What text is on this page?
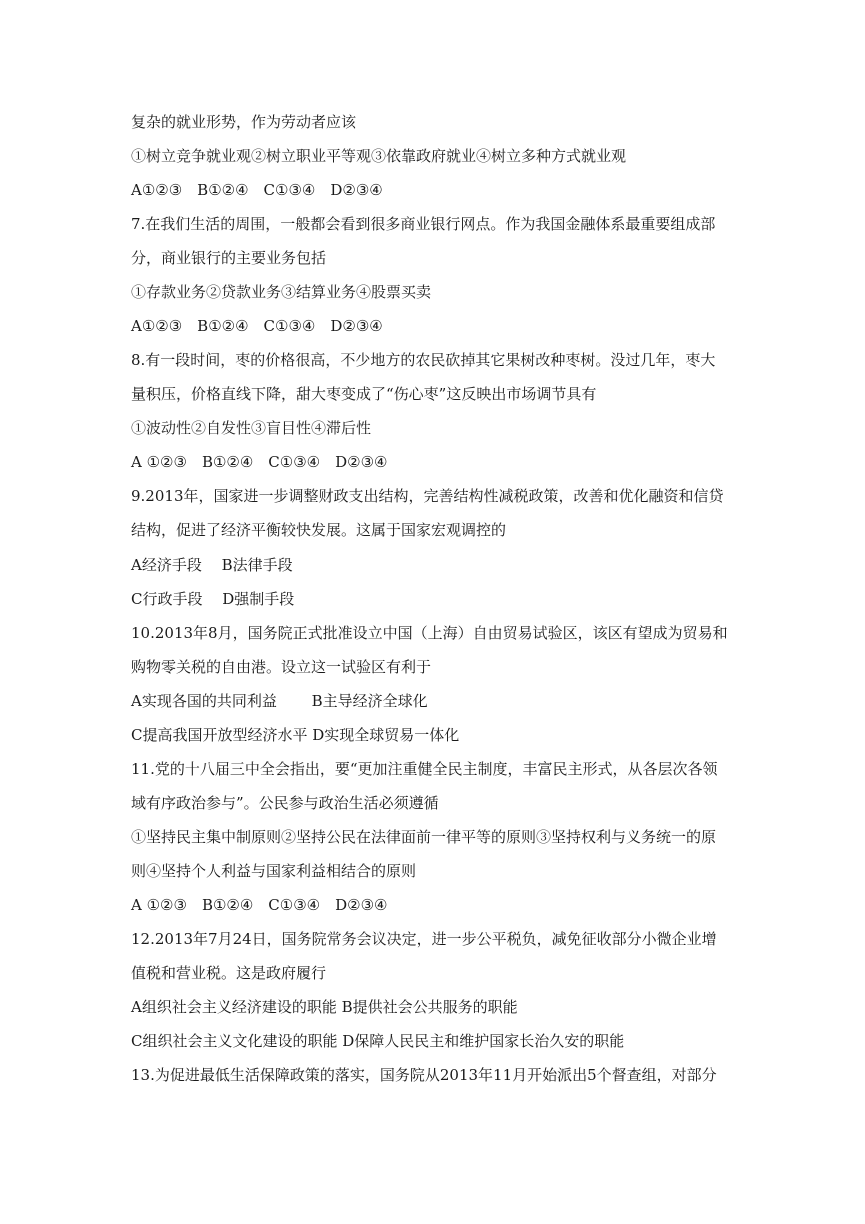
复杂的就业形势，作为劳动者应该
①树立竞争就业观②树立职业平等观③依靠政府就业④树立多种方式就业观
A①②③　B①②④　C①③④　D②③④
7.在我们生活的周围，一般都会看到很多商业银行网点。作为我国金融体系最重要组成部
分，商业银行的主要业务包括
①存款业务②贷款业务③结算业务④股票买卖
A①②③　B①②④　C①③④　D②③④
8.有一段时间，枣的价格很高，不少地方的农民砍掉其它果树改种枣树。没过几年，枣大
量积压，价格直线下降，甜大枣变成了“伤心枣”这反映出市场调节具有
①波动性②自发性③盲目性④滞后性
A ①②③　B①②④　C①③④　D②③④
9.2013年，国家进一步调整财政支出结构，完善结构性减税政策，改善和优化融资和信贷
结构，促进了经济平衡较快发展。这属于国家宏观调控的
A经济手段　 B法律手段
C行政手段　 D强制手段
10.2013年8月，国务院正式批准设立中国（上海）自由贸易试验区，该区有望成为贸易和
购物零关税的自由港。设立这一试验区有利于
A实现各国的共同利益　　 B主导经济全球化
C提高我国开放型经济水平 D实现全球贸易一体化
11.党的十八届三中全会指出，要“更加注重健全民主制度，丰富民主形式，从各层次各领
域有序政治参与”。公民参与政治生活必须遵循
①坚持民主集中制原则②坚持公民在法律面前一律平等的原则③坚持权利与义务统一的原
则④坚持个人利益与国家利益相结合的原则
A ①②③　B①②④　C①③④　D②③④
12.2013年7月24日，国务院常务会议决定，进一步公平税负，减免征收部分小微企业增
值税和营业税。这是政府履行
A组织社会主义经济建设的职能 B提供社会公共服务的职能
C组织社会主义文化建设的职能 D保障人民民主和维护国家长治久安的职能
13.为促进最低生活保障政策的落实，国务院从2013年11月开始派出5个督查组，对部分
